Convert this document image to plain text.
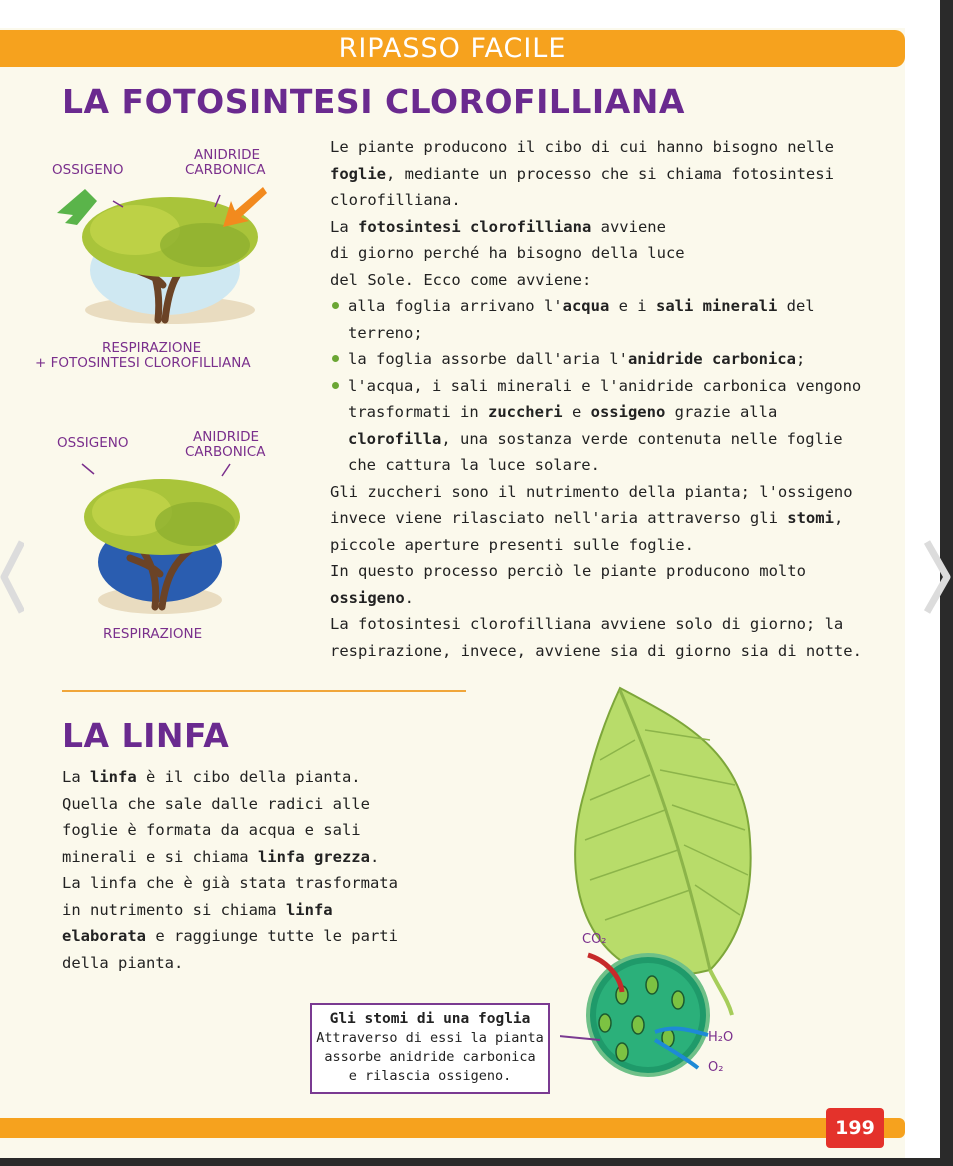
RIPASSO FACILE
LA FOTOSINTESI CLOROFILLIANA
OSSIGENO
ANIDRIDE
CARBONICA
RESPIRAZIONE
+ FOTOSINTESI CLOROFILLIANA
OSSIGENO	ANIDRIDE
CARBONICA
RESPIRAZIONE

Le piante producono il cibo di cui hanno bisogno nelle

foglie, mediante un processo che si chiama fotosintesi

clorofilliana.

La fotosintesi clorofilliana avviene

di giorno perché ha bisogno della luce

del Sole. Ecco come avviene:

alla foglia arrivano l'acqua e i sali minerali del
terreno;
la foglia assorbe dall'aria l'anidride carbonica;
l'acqua, i sali minerali e l'anidride carbonica vengono
trasformati in zuccheri e ossigeno grazie alla
clorofilla, una sostanza verde contenuta nelle foglie
che cattura la luce solare.

Gli zuccheri sono il nutrimento della pianta; l'ossigeno

invece viene rilasciato nell'aria attraverso gli stomi,

piccole aperture presenti sulle foglie.

In questo processo perciò le piante producono molto

ossigeno.

La fotosintesi clorofilliana avviene solo di giorno; la

respirazione, invece, avviene sia di giorno sia di notte.

LA LINFA

La linfa è il cibo della pianta.

Quella che sale dalle radici alle

foglie è formata da acqua e sali

minerali e si chiama linfa grezza.

La linfa che è già stata trasformata

in nutrimento si chiama linfa

elaborata e raggiunge tutte le parti

della pianta.

CO₂
H₂O
O₂
Gli stomi di una foglia
Attraverso di essi la pianta
assorbe anidride carbonica
e rilascia ossigeno.
199
